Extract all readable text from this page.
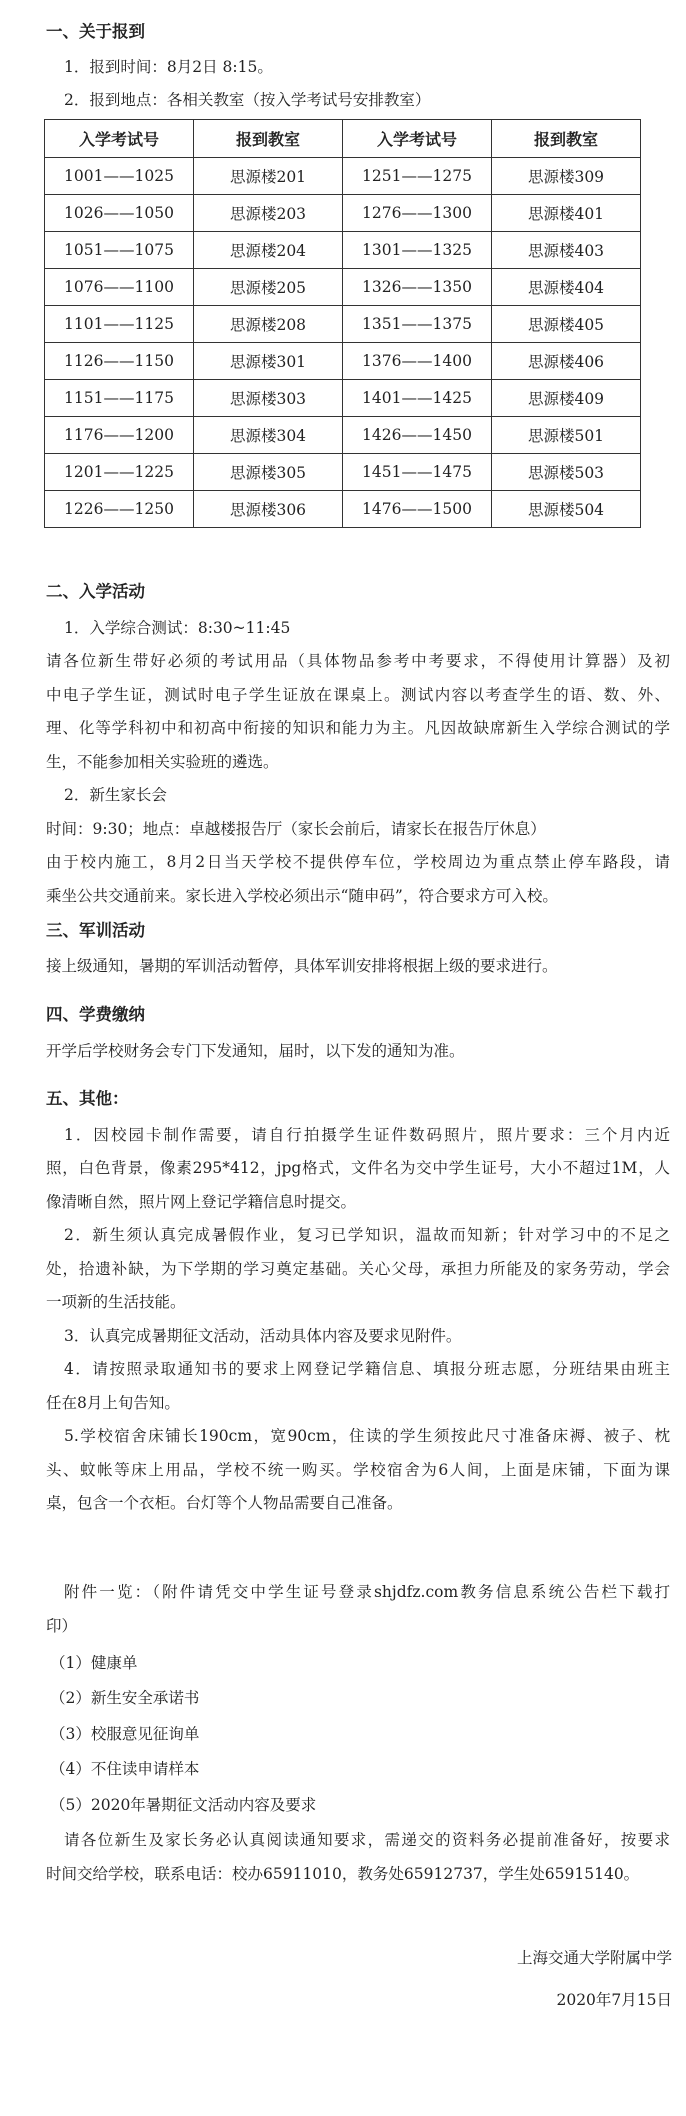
一、关于报到
1．报到时间：8月2日 8:15。
2．报到地点：各相关教室（按入学考试号安排教室）
入学考试号	报到教室	入学考试号	报到教室
1001——1025	思源楼201	1251——1275	思源楼309
1026——1050	思源楼203	1276——1300	思源楼401
1051——1075	思源楼204	1301——1325	思源楼403
1076——1100	思源楼205	1326——1350	思源楼404
1101——1125	思源楼208	1351——1375	思源楼405
1126——1150	思源楼301	1376——1400	思源楼406
1151——1175	思源楼303	1401——1425	思源楼409
1176——1200	思源楼304	1426——1450	思源楼501
1201——1225	思源楼305	1451——1475	思源楼503
1226——1250	思源楼306	1476——1500	思源楼504
二、入学活动
1．入学综合测试：8:30~11:45
请各位新生带好必须的考试用品（具体物品参考中考要求，不得使用计算器）及初
中电子学生证，测试时电子学生证放在课桌上。测试内容以考查学生的语、数、外、
理、化等学科初中和初高中衔接的知识和能力为主。凡因故缺席新生入学综合测试的学
生，不能参加相关实验班的遴选。
2．新生家长会
时间：9:30；地点：卓越楼报告厅（家长会前后，请家长在报告厅休息）
由于校内施工，8月2日当天学校不提供停车位，学校周边为重点禁止停车路段，请
乘坐公共交通前来。家长进入学校必须出示“随申码”，符合要求方可入校。
三、军训活动
接上级通知，暑期的军训活动暂停，具体军训安排将根据上级的要求进行。
四、学费缴纳
开学后学校财务会专门下发通知，届时，以下发的通知为准。
五、其他：
1．因校园卡制作需要，请自行拍摄学生证件数码照片，照片要求：三个月内近
照，白色背景，像素295*412，jpg格式，文件名为交中学生证号，大小不超过1M，人
像清晰自然，照片网上登记学籍信息时提交。
2．新生须认真完成暑假作业，复习已学知识，温故而知新；针对学习中的不足之
处，拾遗补缺，为下学期的学习奠定基础。关心父母，承担力所能及的家务劳动，学会
一项新的生活技能。
3．认真完成暑期征文活动，活动具体内容及要求见附件。
4．请按照录取通知书的要求上网登记学籍信息、填报分班志愿，分班结果由班主
任在8月上旬告知。
5.学校宿舍床铺长190cm，宽90cm，住读的学生须按此尺寸准备床褥、被子、枕
头、蚊帐等床上用品，学校不统一购买。学校宿舍为6人间，上面是床铺，下面为课
桌，包含一个衣柜。台灯等个人物品需要自己准备。
附件一览：（附件请凭交中学生证号登录shjdfz.com教务信息系统公告栏下载打
印）
（1）健康单
（2）新生安全承诺书
（3）校服意见征询单
（4）不住读申请样本
（5）2020年暑期征文活动内容及要求
请各位新生及家长务必认真阅读通知要求，需递交的资料务必提前准备好，按要求
时间交给学校，联系电话：校办65911010，教务处65912737，学生处65915140。
上海交通大学附属中学
2020年7月15日
